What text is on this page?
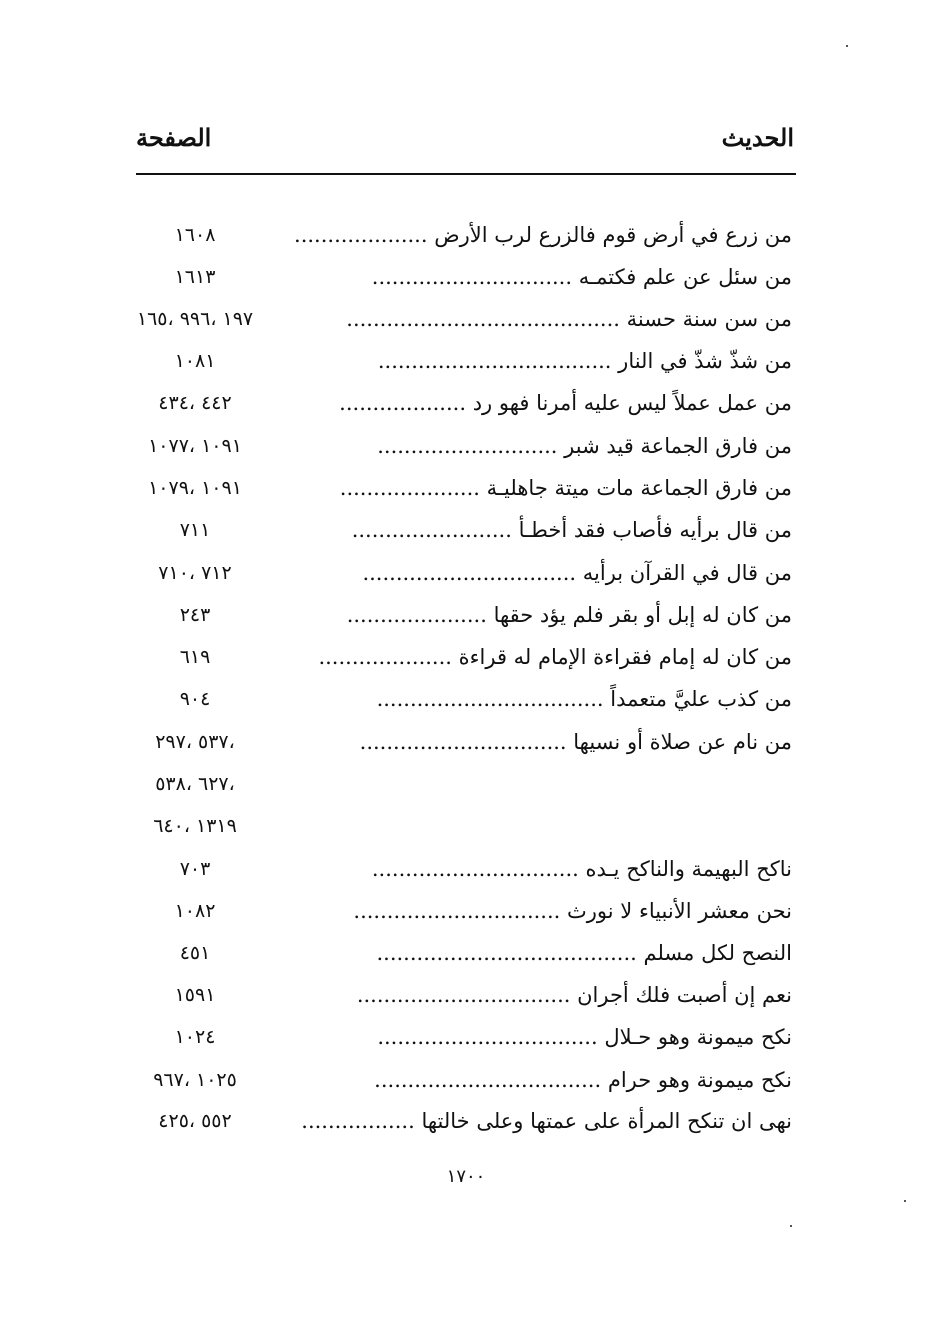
الحديث
الصفحة
من زرع في أرض قوم فالزرع لرب الأرض ....................
١٦٠٨
من سئل عن علم فكتمـه ..............................
١٦١٣
من سن سنة حسنة .........................................
١٩٧ ،٩٩٦ ،١٦٥
من شذّ شذّ في النار ...................................
١٠٨١
من عمل عملاً ليس عليه أمرنا فهو رد ...................
٤٤٢ ،٤٣٤
من فارق الجماعة قيد شبر ...........................
١٠٩١ ،١٠٧٧
من فارق الجماعة مات ميتة جاهليـة .....................
١٠٩١ ،١٠٧٩
من قال برأيه فأصاب فقد أخطـأ ........................
٧١١
من قال في القرآن برأيه ................................
٧١٢ ،٧١٠
من كان له إبل أو بقر فلم يؤد حقها .....................
٢٤٣
من كان له إمام فقراءة الإمام له قراءة ....................
٦١٩
من كذب عليَّ متعمداً ..................................
٩٠٤
من نام عن صلاة أو نسيها ...............................
،٥٣٧ ،٢٩٧
،٦٢٧ ،٥٣٨
١٣١٩ ،٦٤٠
ناكح البهيمة والناكح يـده ...............................
٧٠٣
نحن معشر الأنبياء لا نورث ...............................
١٠٨٢
النصح لكل مسلم .......................................
٤٥١
نعم إن أصبت فلك أجران ................................
١٥٩١
نكح ميمونة وهو حـلال .................................
١٠٢٤
نكح ميمونة وهو حرام ..................................
١٠٢٥ ،٩٦٧
نهى ان تنكح المرأة على عمتها وعلى خالتها .................
٥٥٢ ،٤٢٥
١٧٠٠
